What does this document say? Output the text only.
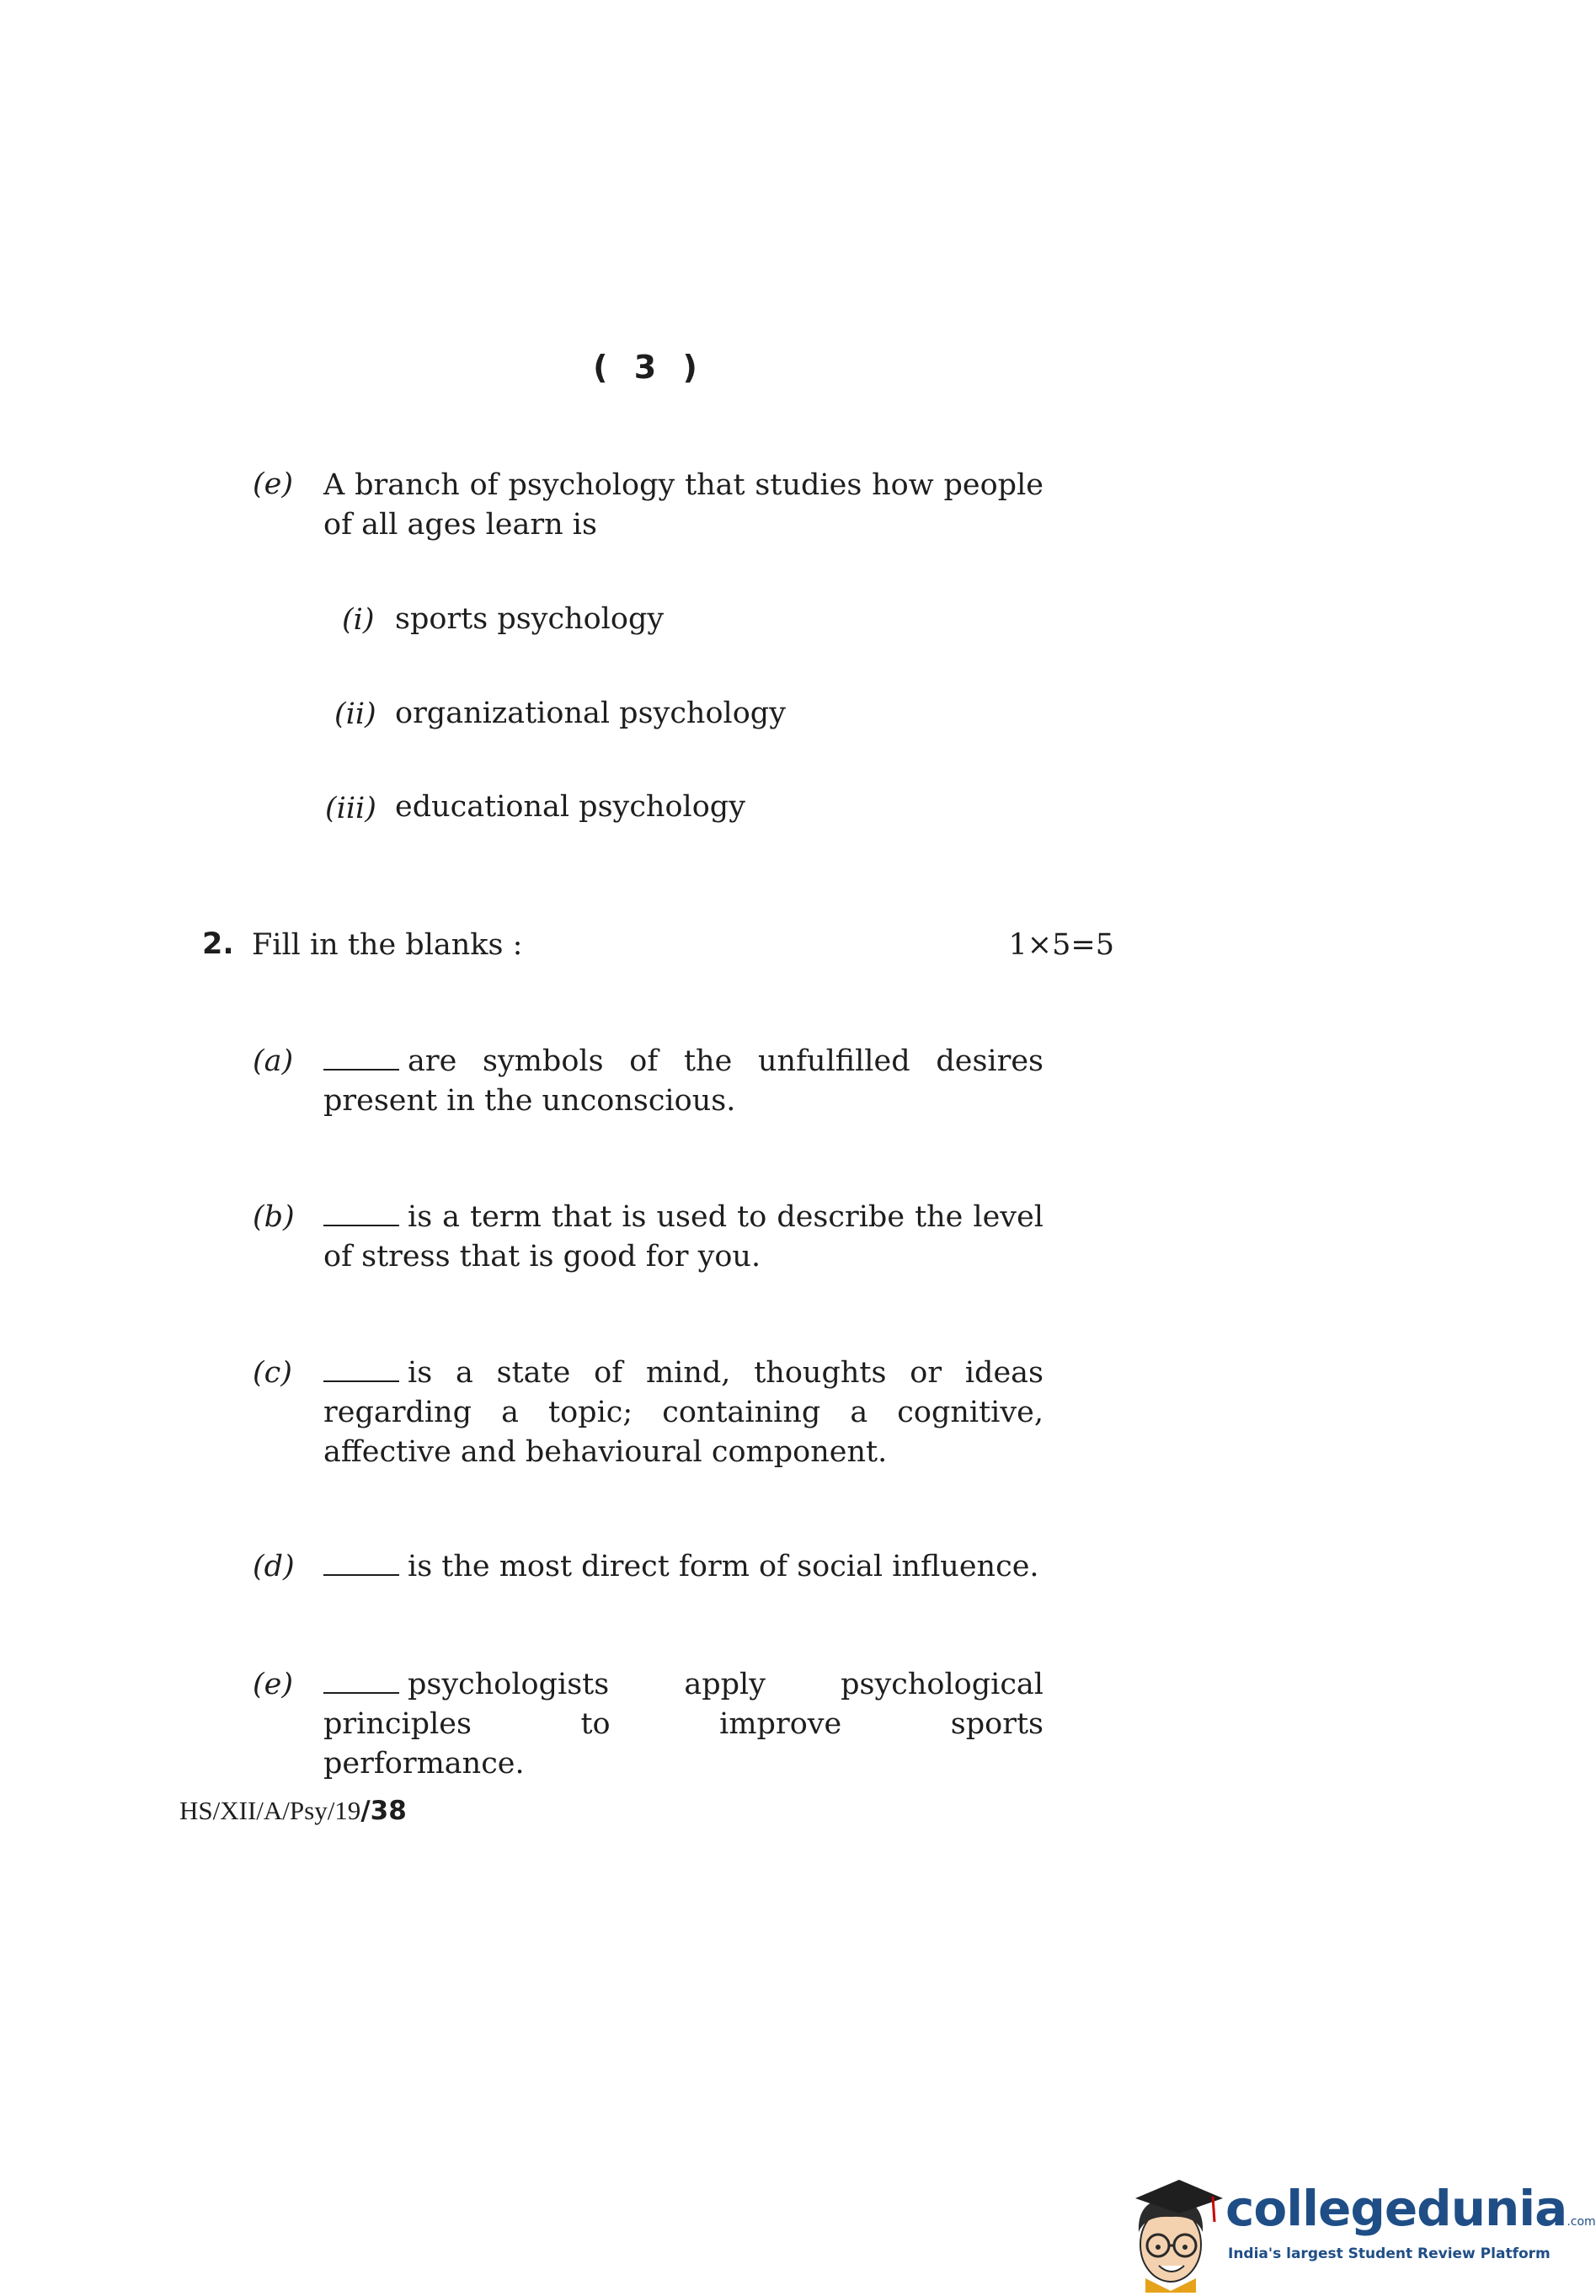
( 3 )
(e) A branch of psychology that studies how people of all ages learn is
(i) sports psychology
(ii) organizational psychology
(iii) educational psychology
2. Fill in the blanks :	1×5=5
(a)	are symbols of the unfulfilled desires present in the unconscious.
(b)	is a term that is used to describe the level of stress that is good for you.
(c)	is a state of mind, thoughts or ideas regarding a topic; containing a cognitive, affective and behavioural component.
(d)	is the most direct form of social influence.
(e)	psychologists apply psychological principles to improve sports performance.
HS/XII/A/Psy/19/38
collegedunia.com
India's largest Student Review Platform
